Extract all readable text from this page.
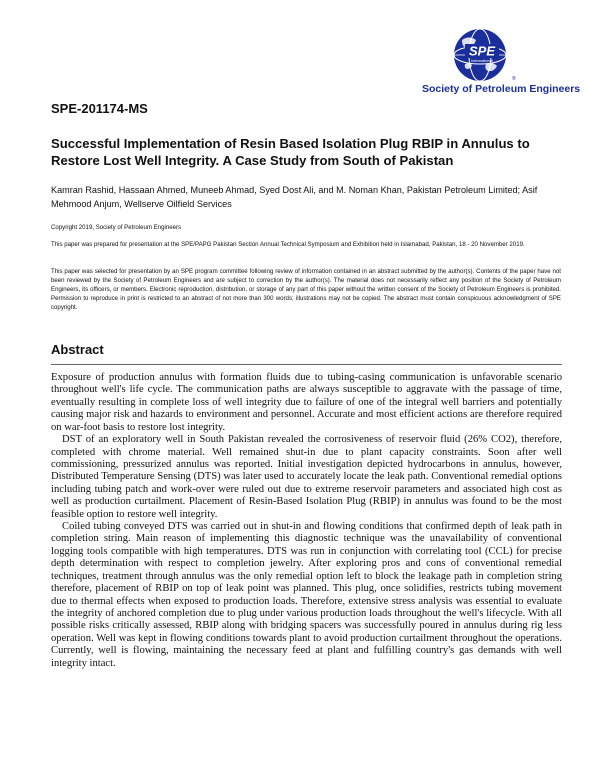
SPE
International
®
Society of Petroleum Engineers
SPE-201174-MS
Successful Implementation of Resin Based Isolation Plug RBIP in Annulus to Restore Lost Well Integrity. A Case Study from South of Pakistan
Kamran Rashid, Hassaan Ahmed, Muneeb Ahmad, Syed Dost Ali, and M. Noman Khan, Pakistan Petroleum Limited; Asif Mehmood Anjum, Wellserve Oilfield Services
Copyright 2019, Society of Petroleum Engineers
This paper was prepared for presentation at the SPE/PAPG Pakistan Section Annual Technical Symposium and Exhibition held in Islamabad, Pakistan, 18 - 20 November 2019.
This paper was selected for presentation by an SPE program committee following review of information contained in an abstract submitted by the author(s). Contents of the paper have not been reviewed by the Society of Petroleum Engineers and are subject to correction by the author(s). The material does not necessarily reflect any position of the Society of Petroleum Engineers, its officers, or members. Electronic reproduction, distribution, or storage of any part of this paper without the written consent of the Society of Petroleum Engineers is prohibited. Permission to reproduce in print is restricted to an abstract of not more than 300 words; illustrations may not be copied. The abstract must contain conspicuous acknowledgment of SPE copyright.
Abstract

Exposure of production annulus with formation fluids due to tubing-casing communication is unfavorable scenario throughout well's life cycle. The communication paths are always susceptible to aggravate with the passage of time, eventually resulting in complete loss of well integrity due to failure of one of the integral well barriers and potentially causing major risk and hazards to environment and personnel. Accurate and most efficient actions are therefore required on war-foot basis to restore lost integrity.

DST of an exploratory well in South Pakistan revealed the corrosiveness of reservoir fluid (26% CO2), therefore, completed with chrome material. Well remained shut-in due to plant capacity constraints. Soon after well commissioning, pressurized annulus was reported. Initial investigation depicted hydrocarbons in annulus, however, Distributed Temperature Sensing (DTS) was later used to accurately locate the leak path. Conventional remedial options including tubing patch and work-over were ruled out due to extreme reservoir parameters and associated high cost as well as production curtailment. Placement of Resin-Based Isolation Plug (RBIP) in annulus was found to be the most feasible option to restore well integrity.

Coiled tubing conveyed DTS was carried out in shut-in and flowing conditions that confirmed depth of leak path in completion string. Main reason of implementing this diagnostic technique was the unavailability of conventional logging tools compatible with high temperatures. DTS was run in conjunction with correlating tool (CCL) for precise depth determination with respect to completion jewelry. After exploring pros and cons of conventional remedial techniques, treatment through annulus was the only remedial option left to block the leakage path in completion string therefore, placement of RBIP on top of leak point was planned. This plug, once solidifies, restricts tubing movement due to thermal effects when exposed to production loads. Therefore, extensive stress analysis was essential to evaluate the integrity of anchored completion due to plug under various production loads throughout the well's lifecycle. With all possible risks critically assessed, RBIP along with bridging spacers was successfully poured in annulus during rig less operation. Well was kept in flowing conditions towards plant to avoid production curtailment throughout the operations. Currently, well is flowing, maintaining the necessary feed at plant and fulfilling country's gas demands with well integrity intact.
